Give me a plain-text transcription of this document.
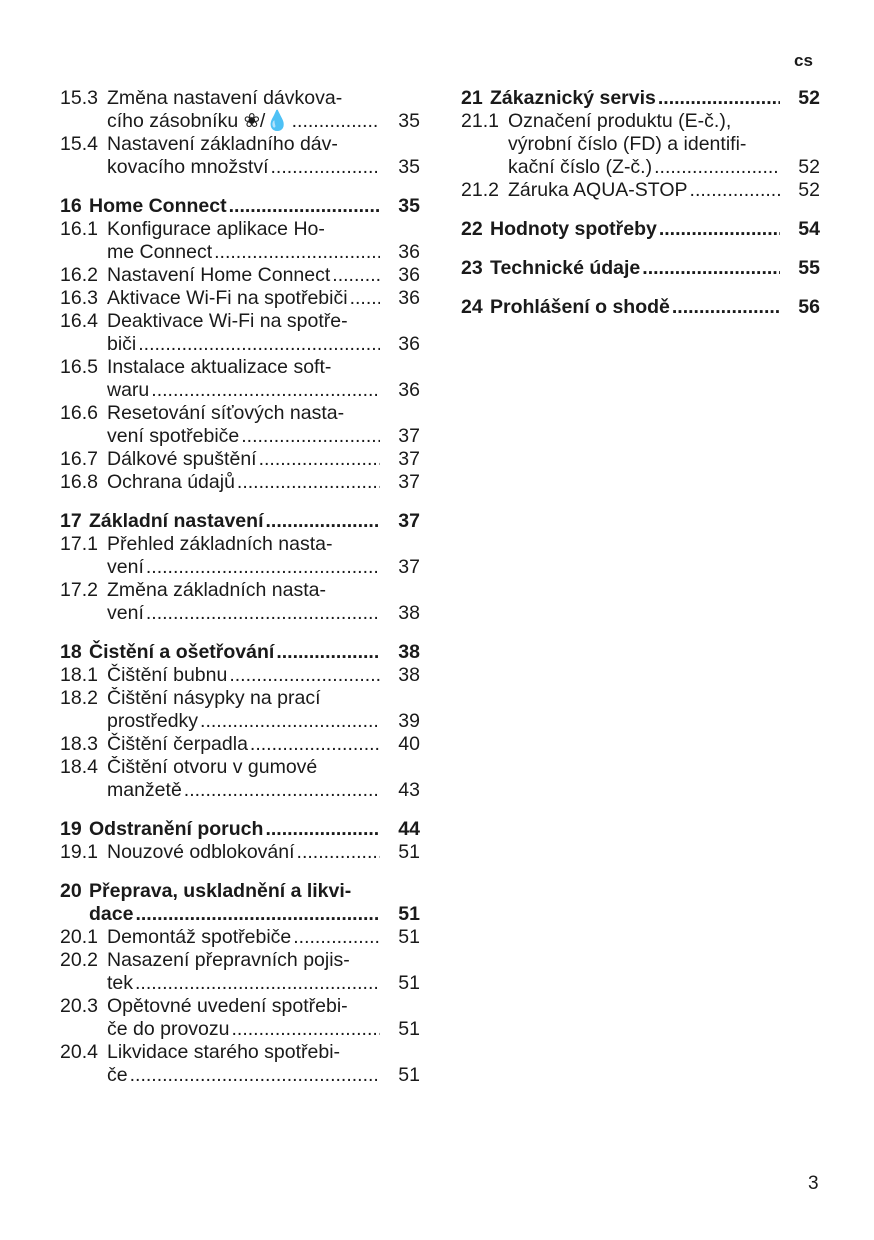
cs
15.3 Změna nastavení dávkova-
cího zásobníku ❀/💧 .....	35
15.4 Nastavení základního dáv-
kovacího množství .....	35
16 Home Connect .....	35
16.1 Konfigurace aplikace Ho-
me Connect .....	36
16.2 Nastavení Home Connect .....	36
16.3 Aktivace Wi-Fi na spotřebiči .....	36
16.4 Deaktivace Wi-Fi na spotře-
biči .....	36
16.5 Instalace aktualizace soft-
waru .....	36
16.6 Resetování síťových nasta-
vení spotřebiče .....	37
16.7 Dálkové spuštění .....	37
16.8 Ochrana údajů .....	37
17 Základní nastavení .....	37
17.1 Přehled základních nasta-
vení .....	37
17.2 Změna základních nasta-
vení .....	38
18 Čistění a ošetřování .....	38
18.1 Čištění bubnu .....	38
18.2 Čištění násypky na prací
prostředky .....	39
18.3 Čištění čerpadla .....	40
18.4 Čištění otvoru v gumové
manžetě .....	43
19 Odstranění poruch .....	44
19.1 Nouzové odblokování .....	51
20 Přeprava, uskladnění a likvi-
dace .....	51
20.1 Demontáž spotřebiče .....	51
20.2 Nasazení přepravních pojis-
tek .....	51
20.3 Opětovné uvedení spotřebi-
če do provozu .....	51
20.4 Likvidace starého spotřebi-
če .....	51
21 Zákaznický servis .....	52
21.1 Označení produktu (E-č.),
výrobní číslo (FD) a identifi-
kační číslo (Z-č.) .....	52
21.2 Záruka AQUA-STOP .....	52
22 Hodnoty spotřeby .....	54
23 Technické údaje .....	55
24 Prohlášení o shodě .....	56
3
